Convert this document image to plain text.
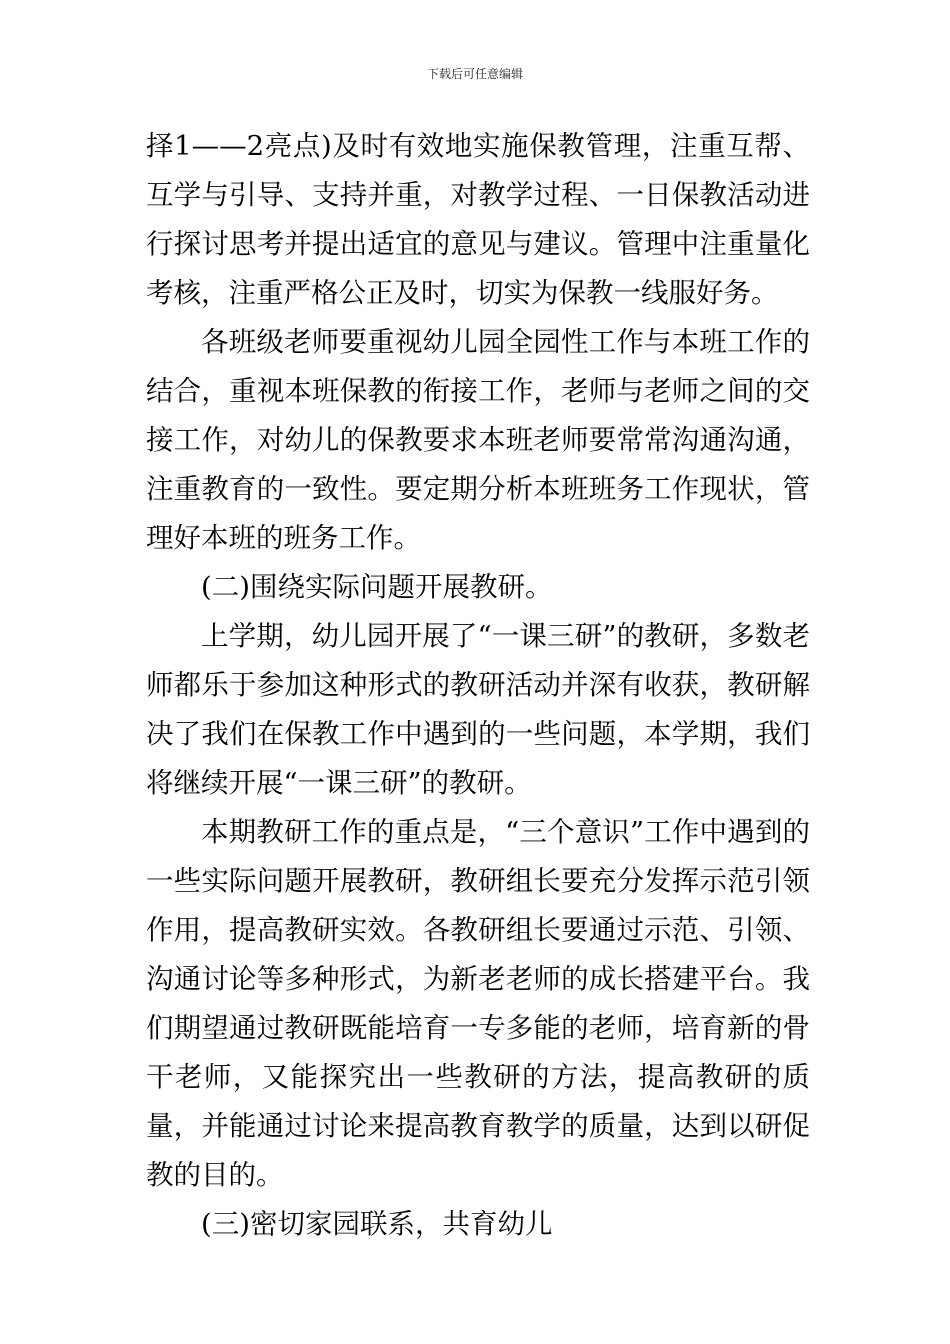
下载后可任意编辑

择1——2亮点)及时有效地实施保教管理，注重互帮、互学与引导、支持并重，对教学过程、一日保教活动进行探讨思考并提出适宜的意见与建议。管理中注重量化考核，注重严格公正及时，切实为保教一线服好务。

各班级老师要重视幼儿园全园性工作与本班工作的结合，重视本班保教的衔接工作，老师与老师之间的交接工作，对幼儿的保教要求本班老师要常常沟通沟通，注重教育的一致性。要定期分析本班班务工作现状，管理好本班的班务工作。

(二)围绕实际问题开展教研。

上学期，幼儿园开展了“一课三研”的教研，多数老师都乐于参加这种形式的教研活动并深有收获，教研解决了我们在保教工作中遇到的一些问题，本学期，我们将继续开展“一课三研”的教研。

本期教研工作的重点是，“三个意识”工作中遇到的一些实际问题开展教研，教研组长要充分发挥示范引领作用，提高教研实效。各教研组长要通过示范、引领、沟通讨论等多种形式，为新老老师的成长搭建平台。我们期望通过教研既能培育一专多能的老师，培育新的骨干老师，又能探究出一些教研的方法，提高教研的质量，并能通过讨论来提高教育教学的质量，达到以研促教的目的。

(三)密切家园联系，共育幼儿
